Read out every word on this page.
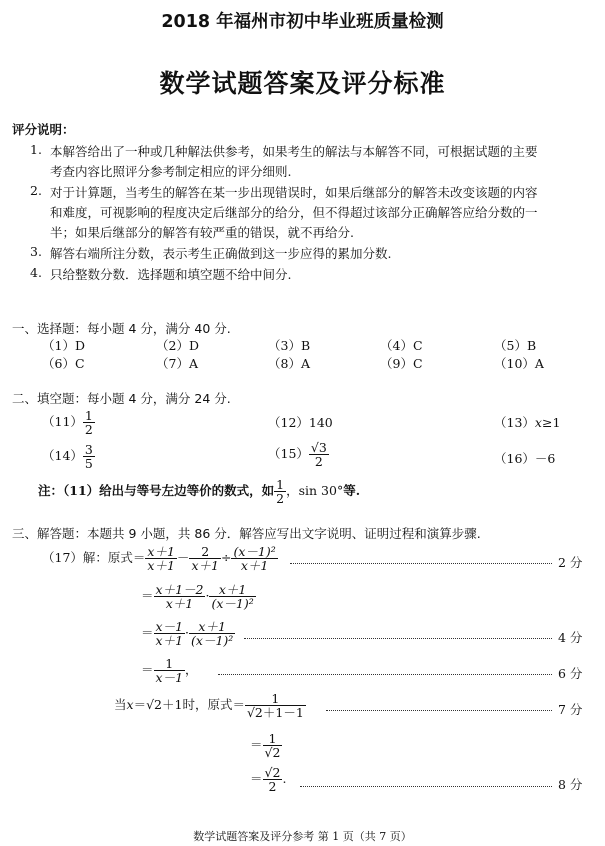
2018 年福州市初中毕业班质量检测
数学试题答案及评分标准
评分说明：
1. 本解答给出了一种或几种解法供参考，如果考生的解法与本解答不同，可根据试题的主要
考查内容比照评分参考制定相应的评分细则.
2. 对于计算题，当考生的解答在某一步出现错误时，如果后继部分的解答未改变该题的内容
和难度，可视影响的程度决定后继部分的给分，但不得超过该部分正确解答应给分数的一
半；如果后继部分的解答有较严重的错误，就不再给分.
3. 解答右端所注分数，表示考生正确做到这一步应得的累加分数.
4. 只给整数分数．选择题和填空题不给中间分.
一、选择题：每小题 4 分，满分 40 分.
（1）D	（2）D	（3）B	（4）C	（5）B
（6）C	（7）A	（8）A	（9）C	（10）A
二、填空题：每小题 4 分，满分 24 分.
$(11) \frac{1}{2}$	（12）140	（13）x≥1
$(14) \frac{3}{5}$	$(15) \frac{√3}{2}$	（16）－6
注：（11）给出与等号左边等价的数式，如 $\frac{1}{2}$ ，sin 30°等.
三、解答题：本题共 9 小题，共 86 分．解答应写出文字说明、证明过程和演算步骤.
（17）解：原式＝ $\frac{x+1}{x+1} - \frac{2}{x+1} \div \frac{\text{(x－1)²}}{x+1}$	2 分
＝ $\frac{x+1-2}{x+1} \cdot \frac{x+1}{\text{(x－1)²}}$
＝ $\frac{x-1}{x+1} \cdot \frac{x+1}{\text{(x－1)²}}$	4 分
＝ $\frac{1}{x-1}$ ，	6 分
当x＝√2＋1时，原式＝ $\frac{1}{√2+1-1}$	7 分
＝ $\frac{1}{√2}$
＝ $\frac{√2}{2}$ .	8 分
数学试题答案及评分参考 第 1 页（共 7 页）
